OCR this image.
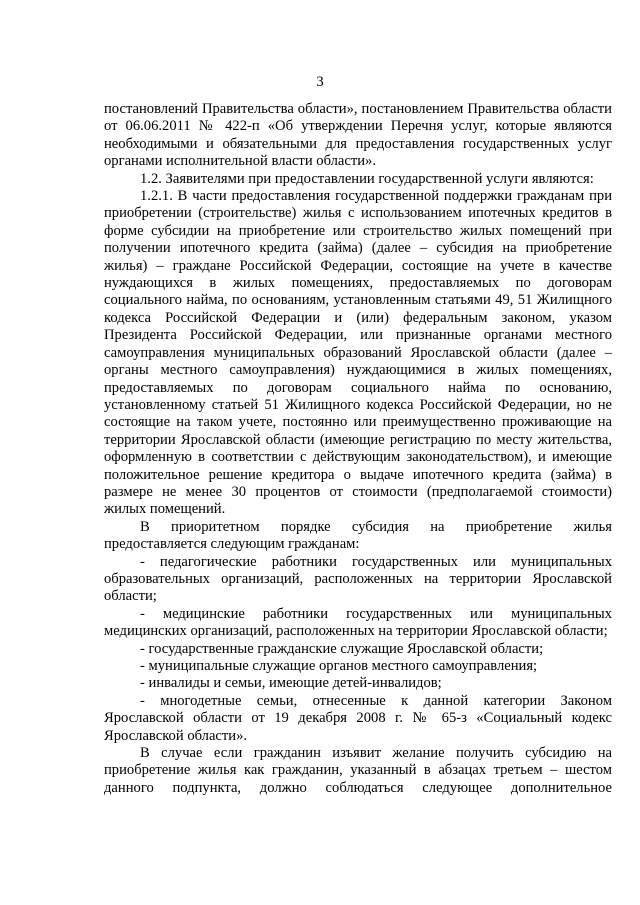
3

постановлений Правительства области», постановлением Правительства области от 06.06.2011 № 422-п «Об утверждении Перечня услуг, которые являются необходимыми и обязательными для предоставления государственных услуг органами исполнительной власти области».

1.2. Заявителями при предоставлении государственной услуги являются:

1.2.1. В части предоставления государственной поддержки гражданам при приобретении (строительстве) жилья с использованием ипотечных кредитов в форме субсидии на приобретение или строительство жилых помещений при получении ипотечного кредита (займа) (далее – субсидия на приобретение жилья) – граждане Российской Федерации, состоящие на учете в качестве нуждающихся в жилых помещениях, предоставляемых по договорам социального найма, по основаниям, установленным статьями 49, 51 Жилищного кодекса Российской Федерации и (или) федеральным законом, указом Президента Российской Федерации, или признанные органами местного самоуправления муниципальных образований Ярославской области (далее – органы местного самоуправления) нуждающимися в жилых помещениях, предоставляемых по договорам социального найма по основанию, установленному статьей 51 Жилищного кодекса Российской Федерации, но не состоящие на таком учете, постоянно или преимущественно проживающие на территории Ярославской области (имеющие регистрацию по месту жительства, оформленную в соответствии с действующим законодательством), и имеющие положительное решение кредитора о выдаче ипотечного кредита (займа) в размере не менее 30 процентов от стоимости (предполагаемой стоимости) жилых помещений.

В приоритетном порядке субсидия на приобретение жилья предоставляется следующим гражданам:

- педагогические работники государственных или муниципальных образовательных организаций, расположенных на территории Ярославской области;

- медицинские работники государственных или муниципальных медицинских организаций, расположенных на территории Ярославской области;

- государственные гражданские служащие Ярославской области;

- муниципальные служащие органов местного самоуправления;

- инвалиды и семьи, имеющие детей-инвалидов;

- многодетные семьи, отнесенные к данной категории Законом Ярославской области от 19 декабря 2008 г. № 65-з «Социальный кодекс Ярославской области».

В случае если гражданин изъявит желание получить субсидию на приобретение жилья как гражданин, указанный в абзацах третьем – шестом данного подпункта, должно соблюдаться следующее дополнительное
